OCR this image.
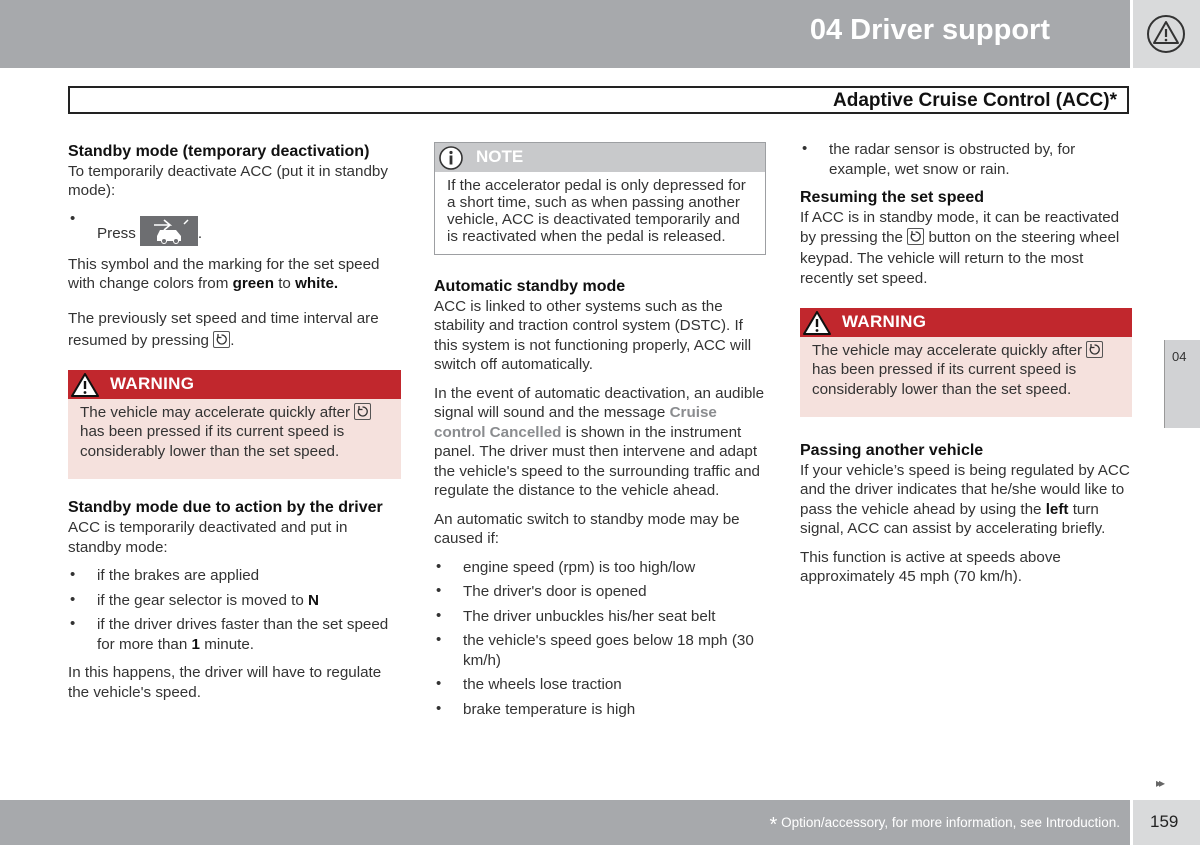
04 Driver support
Adaptive Cruise Control (ACC)*

Standby mode (temporary deactivation)

To temporarily deactivate ACC (put it in standby mode):

• Press	.

This symbol and the marking for the set speed with change colors from green to white.

The previously set speed and time interval are resumed by pressing
.

WARNING
The vehicle may accelerate quickly after
has been pressed if its current speed is considerably lower than the set speed.

Standby mode due to action by the driver

ACC is temporarily deactivated and put in standby mode:

• if the brakes are applied
• if the gear selector is moved to N
• if the driver drives faster than the set speed for more than 1 minute.

In this happens, the driver will have to regulate the vehicle's speed.

NOTE
If the accelerator pedal is only depressed for a short time, such as when passing another vehicle, ACC is deactivated temporarily and is reactivated when the pedal is released.

Automatic standby mode

ACC is linked to other systems such as the stability and traction control system (DSTC). If this system is not functioning properly, ACC will switch off automatically.

In the event of automatic deactivation, an audible signal will sound and the message Cruise control Cancelled is shown in the instrument panel. The driver must then intervene and adapt the vehicle's speed to the surrounding traffic and regulate the distance to the vehicle ahead.

An automatic switch to standby mode may be caused if:

• engine speed (rpm) is too high/low
• The driver's door is opened
• The driver unbuckles his/her seat belt
• the vehicle's speed goes below 18 mph (30 km/h)
• the wheels lose traction
• brake temperature is high
• the radar sensor is obstructed by, for example, wet snow or rain.

Resuming the set speed

If ACC is in standby mode, it can be reactivated by pressing the
button on the steering wheel keypad. The vehicle will return to the most recently set speed.

WARNING
The vehicle may accelerate quickly after
has been pressed if its current speed is considerably lower than the set speed.

Passing another vehicle

If your vehicle’s speed is being regulated by ACC and the driver indicates that he/she would like to pass the vehicle ahead by using the left turn signal, ACC can assist by accelerating briefly.

This function is active at speeds above approximately 45 mph (70 km/h).

04
▸▸
* Option/accessory, for more information, see Introduction. 159
